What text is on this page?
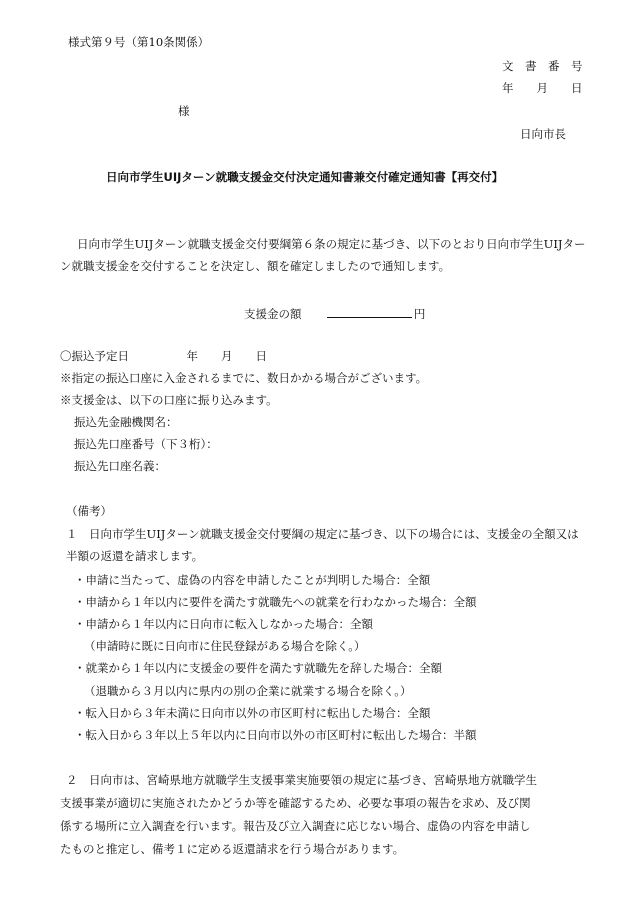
様式第９号（第10条関係）
文　書　番　号
年　　月　　日
様
日向市長
日向市学生UIJターン就職支援金交付決定通知書兼交付確定通知書【再交付】
日向市学生UIJターン就職支援金交付要綱第６条の規定に基づき、以下のとおり日向市学生UIJター
ン就職支援金を交付することを決定し、額を確定しましたので通知します。
支援金の額	円
〇振込予定日　　　　　年　　月　　日
※指定の振込口座に入金されるまでに、数日かかる場合がございます。
※支援金は、以下の口座に振り込みます。
振込先金融機関名：
振込先口座番号（下３桁）：
振込先口座名義：
（備考）
１　日向市学生UIJターン就職支援金交付要綱の規定に基づき、以下の場合には、支援金の全額又は
半額の返還を請求します。
・申請に当たって、虚偽の内容を申請したことが判明した場合：全額
・申請から１年以内に要件を満たす就職先への就業を行わなかった場合：全額
・申請から１年以内に日向市に転入しなかった場合：全額
（申請時に既に日向市に住民登録がある場合を除く。）
・就業から１年以内に支援金の要件を満たす就職先を辞した場合：全額
（退職から３月以内に県内の別の企業に就業する場合を除く。）
・転入日から３年未満に日向市以外の市区町村に転出した場合：全額
・転入日から３年以上５年以内に日向市以外の市区町村に転出した場合：半額
２　日向市は、宮崎県地方就職学生支援事業実施要領の規定に基づき、宮崎県地方就職学生
支援事業が適切に実施されたかどうか等を確認するため、必要な事項の報告を求め、及び関
係する場所に立入調査を行います。報告及び立入調査に応じない場合、虚偽の内容を申請し
たものと推定し、備考１に定める返還請求を行う場合があります。
